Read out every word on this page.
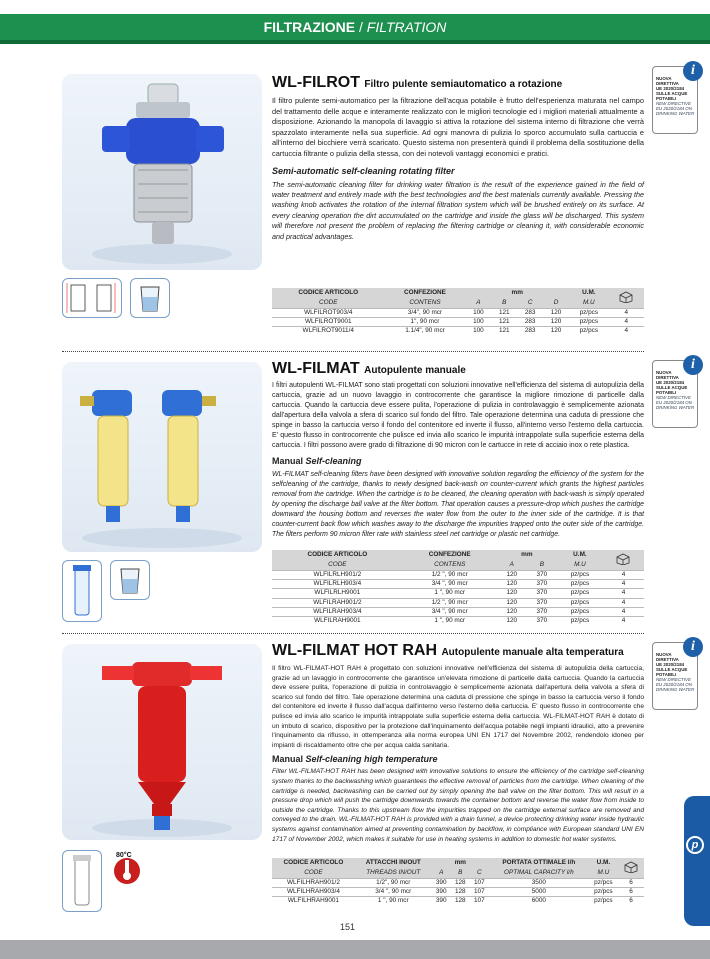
FILTRAZIONE / FILTRATION
WL-FILROT Filtro pulente semiautomatico a rotazione
Il filtro pulente semi-automatico per la filtrazione dell'acqua potabile è frutto dell'esperienza maturata nel campo del trattamento delle acque e interamente realizzato con le migliori tecnologie ed i migliori materiali attualmente a disposizione. Azionando la manopola di lavaggio si attiva la rotazione del sistema interno di filtrazione che verrà spazzolato interamente nella sua superficie. Ad ogni manovra di pulizia lo sporco accumulato sulla cartuccia e all'interno del bicchiere verrà scaricato. Questo sistema non presenterà quindi il problema della sostituzione della cartuccia filtrante o pulizia della stessa, con dei notevoli vantaggi economici e pratici.
Semi-automatic self-cleaning rotating filter
The semi-automatic cleaning filter for drinking water filtration is the result of the experience gained in the field of water treatment and entirely made with the best technologies and the best materials currently available. Pressing the washing knob activates the rotation of the internal filtration system which will be brushed entirely on its surface. At every cleaning operation the dirt accumulated on the cartridge and inside the glass will be discharged. This system will therefore not present the problem of replacing the filtering cartridge or cleaning it, with considerable economic and practical advantages.
i
NUOVA
DIRETTIVA
UE 2020/2184
SULLE ACQUE
POTABILI
NEW DIRECTIVE
EU 2020/2184 ON
DRINKING WATER
CODICE ARTICOLO	CONFEZIONE	mm				U.M.	
CODE	CONTENS	A	B	C	D	M.U	
WLFILROT903/4	3/4", 90 mcr	100	121	283	120	pz/pcs	4
WLFILROT9001	1", 90 mcr	100	121	283	120	pz/pcs	4
WLFILROT9011/4	1.1/4", 90 mcr	100	121	283	120	pz/pcs	4
WL-FILMAT Autopulente manuale
I filtri autopulenti WL-FILMAT sono stati progettati con soluzioni innovative nell'efficienza del sistema di autopulizia della cartuccia, grazie ad un nuovo lavaggio in controcorrente che garantisce la migliore rimozione di particelle dalla cartuccia. Quando la cartuccia deve essere pulita, l'operazione di pulizia in controlavaggio è semplicemente azionata dall'apertura della valvola a sfera di scarico sul fondo del filtro. Tale operazione determina una caduta di pressione che spinge in basso la cartuccia verso il fondo del contenitore ed inverte il flusso, all'interno verso l'esterno della cartuccia. E' questo flusso in controcorrente che pulisce ed invia allo scarico le impurità intrappolate sulla superficie esterna della cartuccia. I filtri possono avere grado di filtrazione di 90 micron con le cartucce in rete di acciaio inox o rete plastica.
Manual Self-cleaning
WL-FILMAT self-cleaning filters have been designed with innovative solution regarding the efficiency of the system for the selfcleaning of the cartridge, thanks to newly designed back-wash on counter-current which grants the highest particles removal from the cartridge. When the cartridge is to be cleaned, the cleaning operation with back-wash is simply operated by opening the discharge ball valve at the filter bottom. That operation causes a pressure-drop which pushes the cartridge downward the housing bottom and reverses the water flow from the outer to the inner side of the cartridge. It is that counter-current back flow which washes away to the discharge the impurities trapped onto the outer side of the cartridge. The filters perform 90 micron filter rate with stainless steel net cartridge or plastic net cartridge.
i
NUOVA
DIRETTIVA
UE 2020/2184
SULLE ACQUE
POTABILI
NEW DIRECTIVE
EU 2020/2184 ON
DRINKING WATER
CODICE ARTICOLO	CONFEZIONE	mm		U.M.	
CODE	CONTENS	A	B	M.U	
WLFILRLH901/2	1/2 ", 90 mcr	120	370	pz/pcs	4
WLFILRLH903/4	3/4 ", 90 mcr	120	370	pz/pcs	4
WLFILRLH9001	1 ", 90 mcr	120	370	pz/pcs	4
WLFILRAH901/2	1/2 ", 90 mcr	120	370	pz/pcs	4
WLFILRAH903/4	3/4 ", 90 mcr	120	370	pz/pcs	4
WLFILRAH9001	1 ", 90 mcr	120	370	pz/pcs	4
80°C
WL-FILMAT HOT RAH Autopulente manuale alta temperatura
Il filtro WL-FILMAT-HOT RAH è progettato con soluzioni innovative nell'efficienza del sistema di autopulizia della cartuccia, grazie ad un lavaggio in controcorrente che garantisce un'elevata rimozione di particelle dalla cartuccia. Quando la cartuccia deve essere pulita, l'operazione di pulizia in controlavaggio è semplicemente azionata dall'apertura della valvola a sfera di scarico sul fondo del filtro. Tale operazione determina una caduta di pressione che spinge in basso la cartuccia verso il fondo del contenitore ed inverte il flusso dall'acqua dall'interno verso l'esterno della cartuccia. E' questo flusso in controcorrente che pulisce ed invia allo scarico le impurità intrappolate sulla superficie esterna della cartuccia. WL-FILMAT-HOT RAH è dotato di un imbuto di scarico, dispositivo per la protezione dall'inquinamento dell'acqua potabile negli impianti idraulici, atto a prevenire l'inquinamento da riflusso, in ottemperanza alla norma europea UNI EN 1717 del Novembre 2002, rendendolo idoneo per impianti di riscaldamento oltre che per acqua calda sanitaria.
Manual Self-cleaning high temperature
Filter WL-FILMAT-HOT RAH has been designed with innovative solutions to ensure the efficiency of the cartridge self-cleaning system thanks to the backwashing which guarantees the effective removal of particles from the cartridge. When cleaning of the cartridge is needed, backwashing can be carried out by simply opening the ball valve on the filter bottom. This will result in a pressure drop which will push the cartridge downwards towards the container bottom and reverse the water flow from inside to outside the cartridge. Thanks to this upstream flow the impurities trapped on the cartridge external surface are removed and conveyed to the drain. WL-FILMAT-HOT RAH is provided with a drain funnel, a device protecting drinking water inside hydraulic systems against contamination aimed at preventing contamination by backflow, in compliance with European standard UNI EN 1717 of November 2002, which makes it suitable for use in heating systems in addition to domestic hot water systems.
i
NUOVA
DIRETTIVA
UE 2020/2184
SULLE ACQUE
POTABILI
NEW DIRECTIVE
EU 2020/2184 ON
DRINKING WATER
CODICE ARTICOLO	ATTACCHI IN/OUT	mm			PORTATA OTTIMALE l/h	U.M.	
CODE	THREADS IN/OUT	A	B	C	OPTIMAL CAPACITY l/h	M.U	
WLFILHRAH901/2	1/2", 90 mcr	390	128	107	3500	pz/pcs	6
WLFILHRAH903/4	3/4 ", 90 mcr	390	128	107	5000	pz/pcs	6
WLFILHRAH9001	1 ", 90 mcr	390	128	107	6000	pz/pcs	6
p
151
